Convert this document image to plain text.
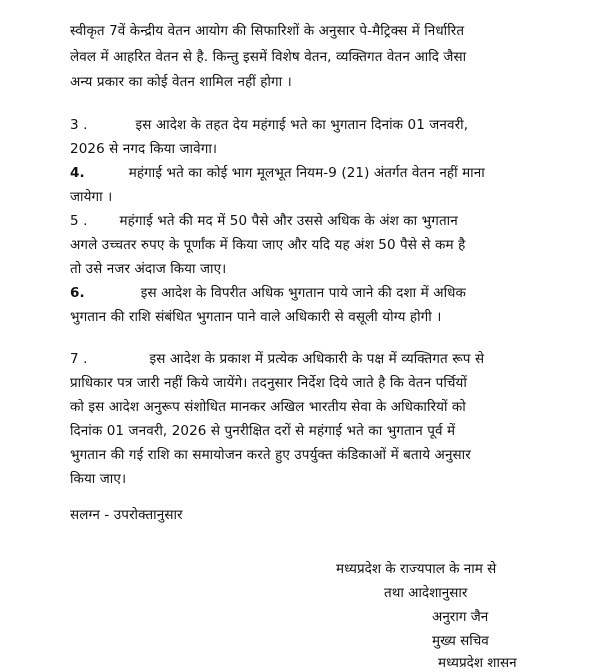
स्वीकृत 7वें केन्द्रीय वेतन आयोग की सिफारिशों के अनुसार पे-मैट्रिक्स में निर्धारित
लेवल में आहरित वेतन से है. किन्तु इसमें विशेष वेतन, व्यक्तिगत वेतन आदि जैसा
अन्य प्रकार का कोई वेतन शामिल नहीं होगा ।
3 .	इस आदेश के तहत देय महंगाई भते का भुगतान दिनांक 01 जनवरी,
2026 से नगद किया जावेगा।
4.	महंगाई भते का कोई भाग मूलभूत नियम-9 (21) अंतर्गत वेतन नहीं माना
जायेगा ।
5 . महंगाई भते की मद में 50 पैसे और उससे अधिक के अंश का भुगतान
अगले उच्चतर रुपए के पूर्णांक में किया जाए और यदि यह अंश 50 पैसे से कम है
तो उसे नजर अंदाज किया जाए।
6.	इस आदेश के विपरीत अधिक भुगतान पाये जाने की दशा में अधिक
भुगतान की राशि संबंधित भुगतान पाने वाले अधिकारी से वसूली योग्य होगी ।
7 .	इस आदेश के प्रकाश में प्रत्येक अधिकारी के पक्ष में व्यक्तिगत रूप से
प्राधिकार पत्र जारी नहीं किये जायेंगे। तदनुसार निर्देश दिये जाते है कि वेतन पर्चियों
को इस आदेश अनुरूप संशोधित मानकर अखिल भारतीय सेवा के अधिकारियों को
दिनांक 01 जनवरी, 2026 से पुनरीक्षित दरों से महंगाई भते का भुगतान पूर्व में
भुगतान की गई राशि का समायोजन करते हुए उपर्युक्त कंडिकाओं में बताये अनुसार
किया जाए।
सलग्न - उपरोक्तानुसार
मध्यप्रदेश के राज्यपाल के नाम से
तथा आदेशानुसार
अनुराग जैन
मुख्य सचिव
मध्यप्रदेश शासन
